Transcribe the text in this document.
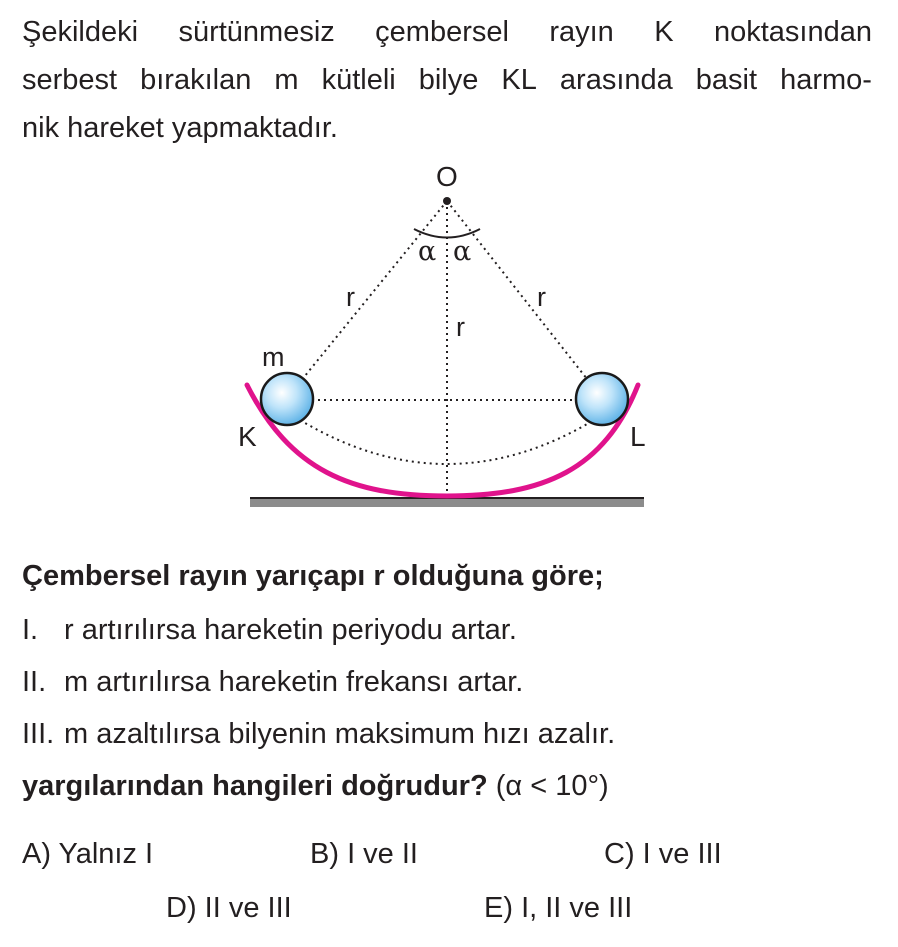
Şekildeki sürtünmesiz çembersel rayın K noktasından
serbest bırakılan m kütleli bilye KL arasında basit harmo-
nik hareket yapmaktadır.
O
α α
r	r
r
m
K	L

Çembersel rayın yarıçapı r olduğuna göre;

I. r artırılırsa hareketin periyodu artar.
II. m artırılırsa hareketin frekansı artar.
III. m azaltılırsa bilyenin maksimum hızı azalır.
yargılarından hangileri doğrudur? (α < 10°)
A) Yalnız I	B) I ve II	C) I ve III
D) II ve III	E) I, II ve III
